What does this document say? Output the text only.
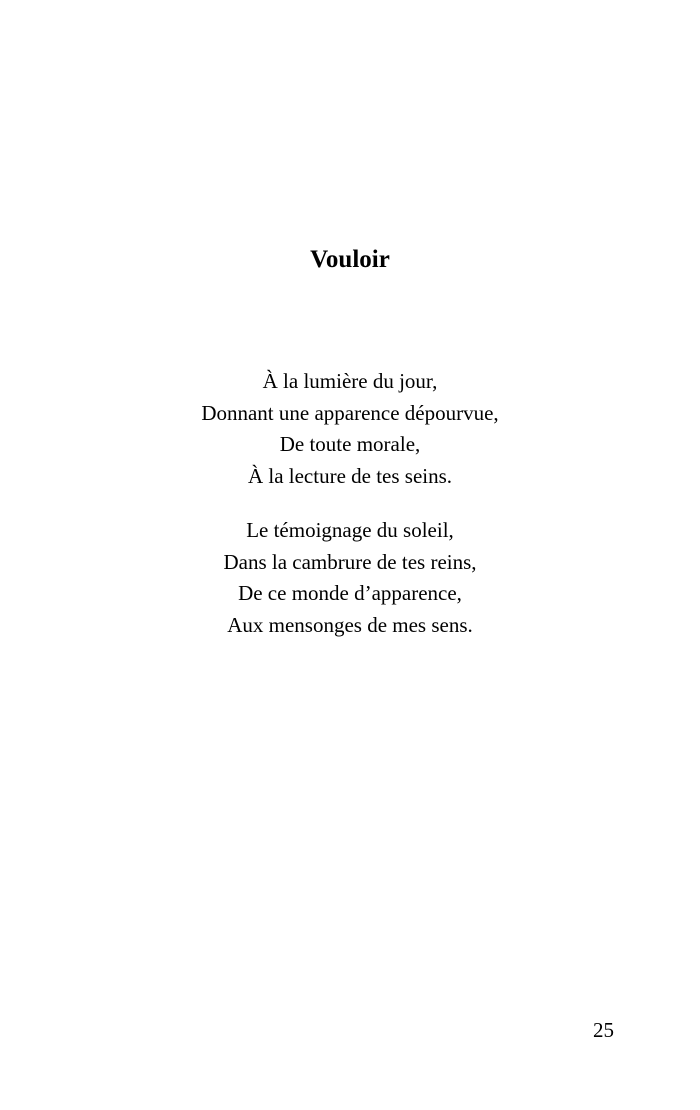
Vouloir
À la lumière du jour,
Donnant une apparence dépourvue,
De toute morale,
À la lecture de tes seins.
Le témoignage du soleil,
Dans la cambrure de tes reins,
De ce monde d’apparence,
Aux mensonges de mes sens.
25
